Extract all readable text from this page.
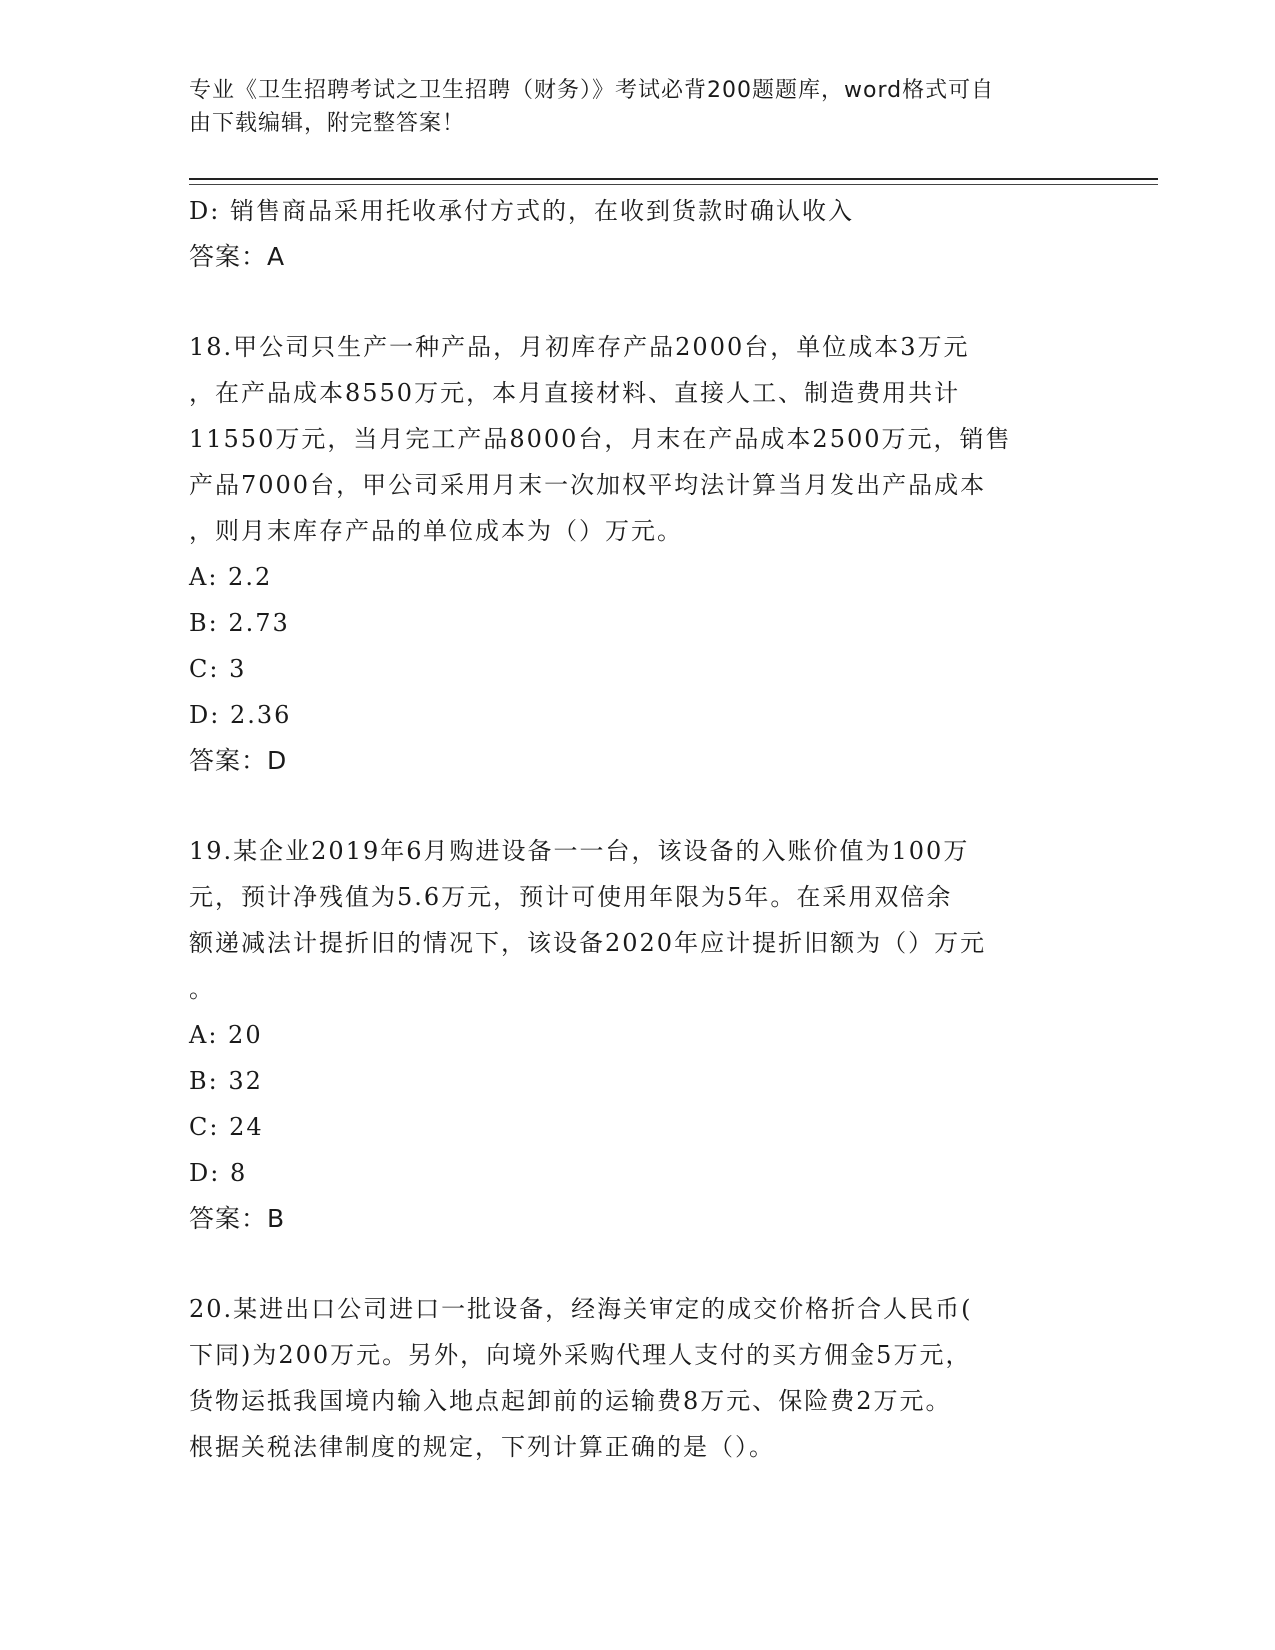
专业《卫生招聘考试之卫生招聘（财务）》考试必背200题题库，word格式可自
由下载编辑，附完整答案！
D: 销售商品采用托收承付方式的，在收到货款时确认收入
答案：A
18.甲公司只生产一种产品，月初库存产品2000台，单位成本3万元
，在产品成本8550万元，本月直接材料、直接人工、制造费用共计
11550万元，当月完工产品8000台，月末在产品成本2500万元，销售
产品7000台，甲公司采用月末一次加权平均法计算当月发出产品成本
，则月末库存产品的单位成本为（）万元。
A: 2.2
B: 2.73
C: 3
D: 2.36
答案：D
19.某企业2019年6月购进设备一一台，该设备的入账价值为100万
元，预计净残值为5.6万元，预计可使用年限为5年。在采用双倍余
额递减法计提折旧的情况下，该设备2020年应计提折旧额为（）万元
。
A: 20
B: 32
C: 24
D: 8
答案：B
20.某进出口公司进口一批设备，经海关审定的成交价格折合人民币(
下同)为200万元。另外，向境外采购代理人支付的买方佣金5万元，
货物运抵我国境内输入地点起卸前的运输费8万元、保险费2万元。
根据关税法律制度的规定，下列计算正确的是（）。
